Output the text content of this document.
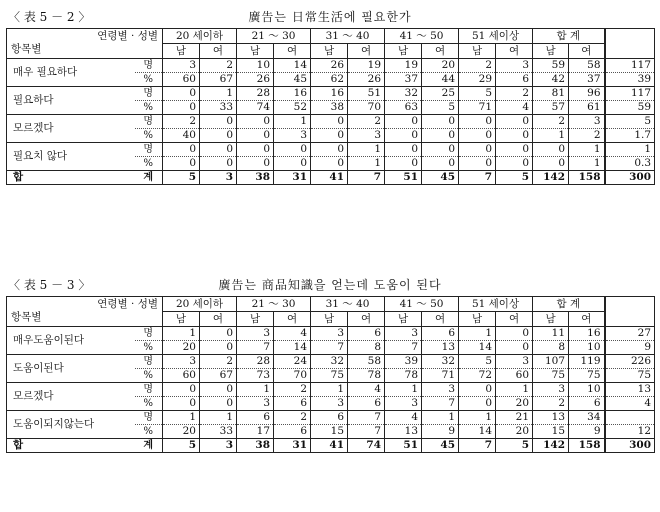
〈 表 5 － 2 〉	廣告는 日常生活에 필요한가
연령별 · 성별
항목별		20 세이하		21 ～ 30		31 ～ 40		41 ～ 50		51 세이상		합 계		
		남	여	남	여	남	여	남	여	남	여	남	여	
매우 필요하다	명	3	2	10	14	26	19	19	20	2	3	59	58	117
	%	60	67	26	45	62	26	37	44	29	6	42	37	39
필요하다	명	0	1	28	16	16	51	32	25	5	2	81	96	117
	%	0	33	74	52	38	70	63	5	71	4	57	61	59
모르겠다	명	2	0	0	1	0	2	0	0	0	0	2	3	5
	%	40	0	0	3	0	3	0	0	0	0	1	2	1.7
필요치 않다	명	0	0	0	0	0	1	0	0	0	0	0	1	1
	%	0	0	0	0	0	1	0	0	0	0	0	1	0.3
합	계	5	3	38	31	41	7	51	45	7	5	142	158	300
〈 表 5 － 3 〉	廣告는 商品知識을 얻는데 도움이 된다
연령별 · 성별
항목별		20 세이하		21 ～ 30		31 ～ 40		41 ～ 50		51 세이상		합 계		
		남	여	남	여	남	여	남	여	남	여	남	여	
매우도움이된다	명	1	0	3	4	3	6	3	6	1	0	11	16	27
	%	20	0	7	14	7	8	7	13	14	0	8	10	9
도움이된다	명	3	2	28	24	32	58	39	32	5	3	107	119	226
	%	60	67	73	70	75	78	78	71	72	60	75	75	75
모르겠다	명	0	0	1	2	1	4	1	3	0	1	3	10	13
	%	0	0	3	6	3	6	3	7	0	20	2	6	4
도움이되지않는다	명	1	1	6	2	6	7	4	1	1	21	13	34	
	%	20	33	17	6	15	7	13	9	14	20	15	9	12
합	계	5	3	38	31	41	74	51	45	7	5	142	158	300
